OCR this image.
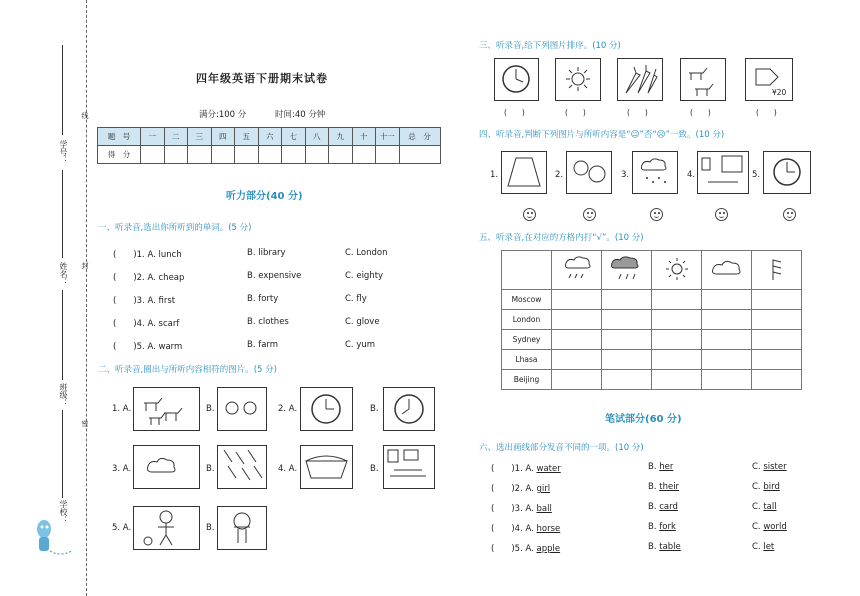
学号：
姓名：
班级：
学校：
线
封
密
四年级英语下册期末试卷
满分:100 分	时间:40 分钟
题　号	一	二	三	四	五	六	七	八	九	十	十一	总　分
得　分												
听力部分(40 分)
一、听录音,选出你所听到的单词。(5 分)
(　　)1. A. lunch	B. library	C. London
(　　)2. A. cheap	B. expensive	C. eighty
(　　)3. A. first	B. forty	C. fly
(　　)4. A. scarf	B. clothes	C. glove
(　　)5. A. warm	B. farm	C. yum
二、听录音,圈出与所听内容相符的图片。(5 分)
1. A.	B.	2. A.	B.
3. A.	B.	4. A.	B.
5. A.	B.
三、听录音,给下列图片排序。(10 分)
¥20
(　　)	(　　)	(　　)	(　　)	(　　)
四、听录音,判断下列图片与所听内容是“☺”否“☹”一致。(10 分)
1.	2.	3.	4.	5.
五、听录音,在对应的方格内打“√”。(10 分)

Moscow					
London					
Sydney					
Lhasa					
Beijing					
笔试部分(60 分)
六、选出画线部分发音不同的一项。(10 分)
(　　)1. A. water	B. her	C. sister
(　　)2. A. girl	B. their	C. bird
(　　)3. A. ball	B. card	C. tall
(　　)4. A. horse	B. fork	C. world
(　　)5. A. apple	B. table	C. let
